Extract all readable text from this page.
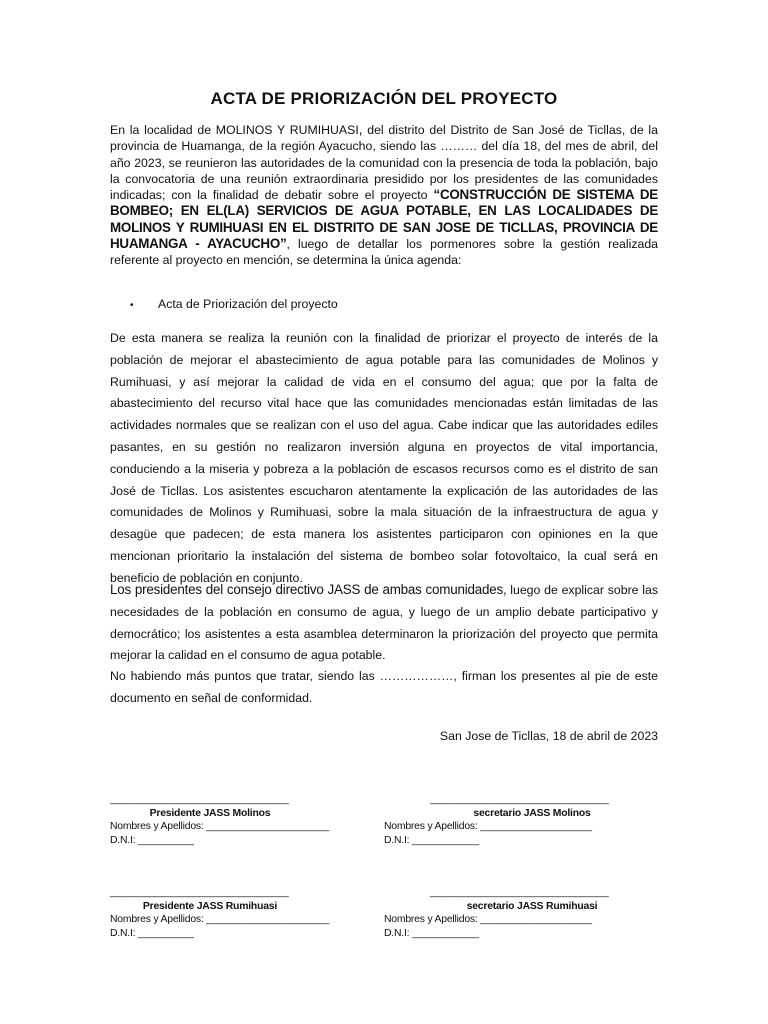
ACTA DE PRIORIZACIÓN DEL PROYECTO
En la localidad de MOLINOS Y RUMIHUASI, del distrito del Distrito de San José de Ticllas, de la provincia de Huamanga, de la región Ayacucho, siendo las ……… del día 18, del mes de abril, del año 2023, se reunieron las autoridades de la comunidad con la presencia de toda la población, bajo la convocatoria de una reunión extraordinaria presidido por los presidentes de las comunidades indicadas; con la finalidad de debatir sobre el proyecto “CONSTRUCCIÓN DE SISTEMA DE BOMBEO; EN EL(LA) SERVICIOS DE AGUA POTABLE, EN LAS LOCALIDADES DE MOLINOS Y RUMIHUASI EN EL DISTRITO DE SAN JOSE DE TICLLAS, PROVINCIA DE HUAMANGA - AYACUCHO”, luego de detallar los pormenores sobre la gestión realizada referente al proyecto en mención, se determina la única agenda:
• Acta de Priorización del proyecto
De esta manera se realiza la reunión con la finalidad de priorizar el proyecto de interés de la población de mejorar el abastecimiento de agua potable para las comunidades de Molinos y Rumihuasi, y así mejorar la calidad de vida en el consumo del agua; que por la falta de abastecimiento del recurso vital hace que las comunidades mencionadas están limitadas de las actividades normales que se realizan con el uso del agua. Cabe indicar que las autoridades ediles pasantes, en su gestión no realizaron inversión alguna en proyectos de vital importancia, conduciendo a la miseria y pobreza a la población de escasos recursos como es el distrito de san José de Ticllas. Los asistentes escucharon atentamente la explicación de las autoridades de las comunidades de Molinos y Rumihuasi, sobre la mala situación de la infraestructura de agua y desagüe que padecen; de esta manera los asistentes participaron con opiniones en la que mencionan prioritario la instalación del sistema de bombeo solar fotovoltaico, la cual será en beneficio de población en conjunto.
Los presidentes del consejo directivo JASS de ambas comunidades, luego de explicar sobre las necesidades de la población en consumo de agua, y luego de un amplio debate participativo y democrático; los asistentes a esta asamblea determinaron la priorización del proyecto que permita mejorar la calidad en el consumo de agua potable.
No habiendo más puntos que tratar, siendo las ………………, firman los presentes al pie de este documento en señal de conformidad.
San Jose de Ticllas, 18 de abril de 2023
________________________________
Presidente JASS Molinos
Nombres y Apellidos: ______________________
D.N.I: __________
________________________________
secretario JASS Molinos
Nombres y Apellidos: ____________________
D.N.I: ____________
________________________________
Presidente JASS Rumihuasi
Nombres y Apellidos: ______________________
D.N.I: __________
________________________________
secretario JASS Rumihuasi
Nombres y Apellidos: ____________________
D.N.I: ____________
